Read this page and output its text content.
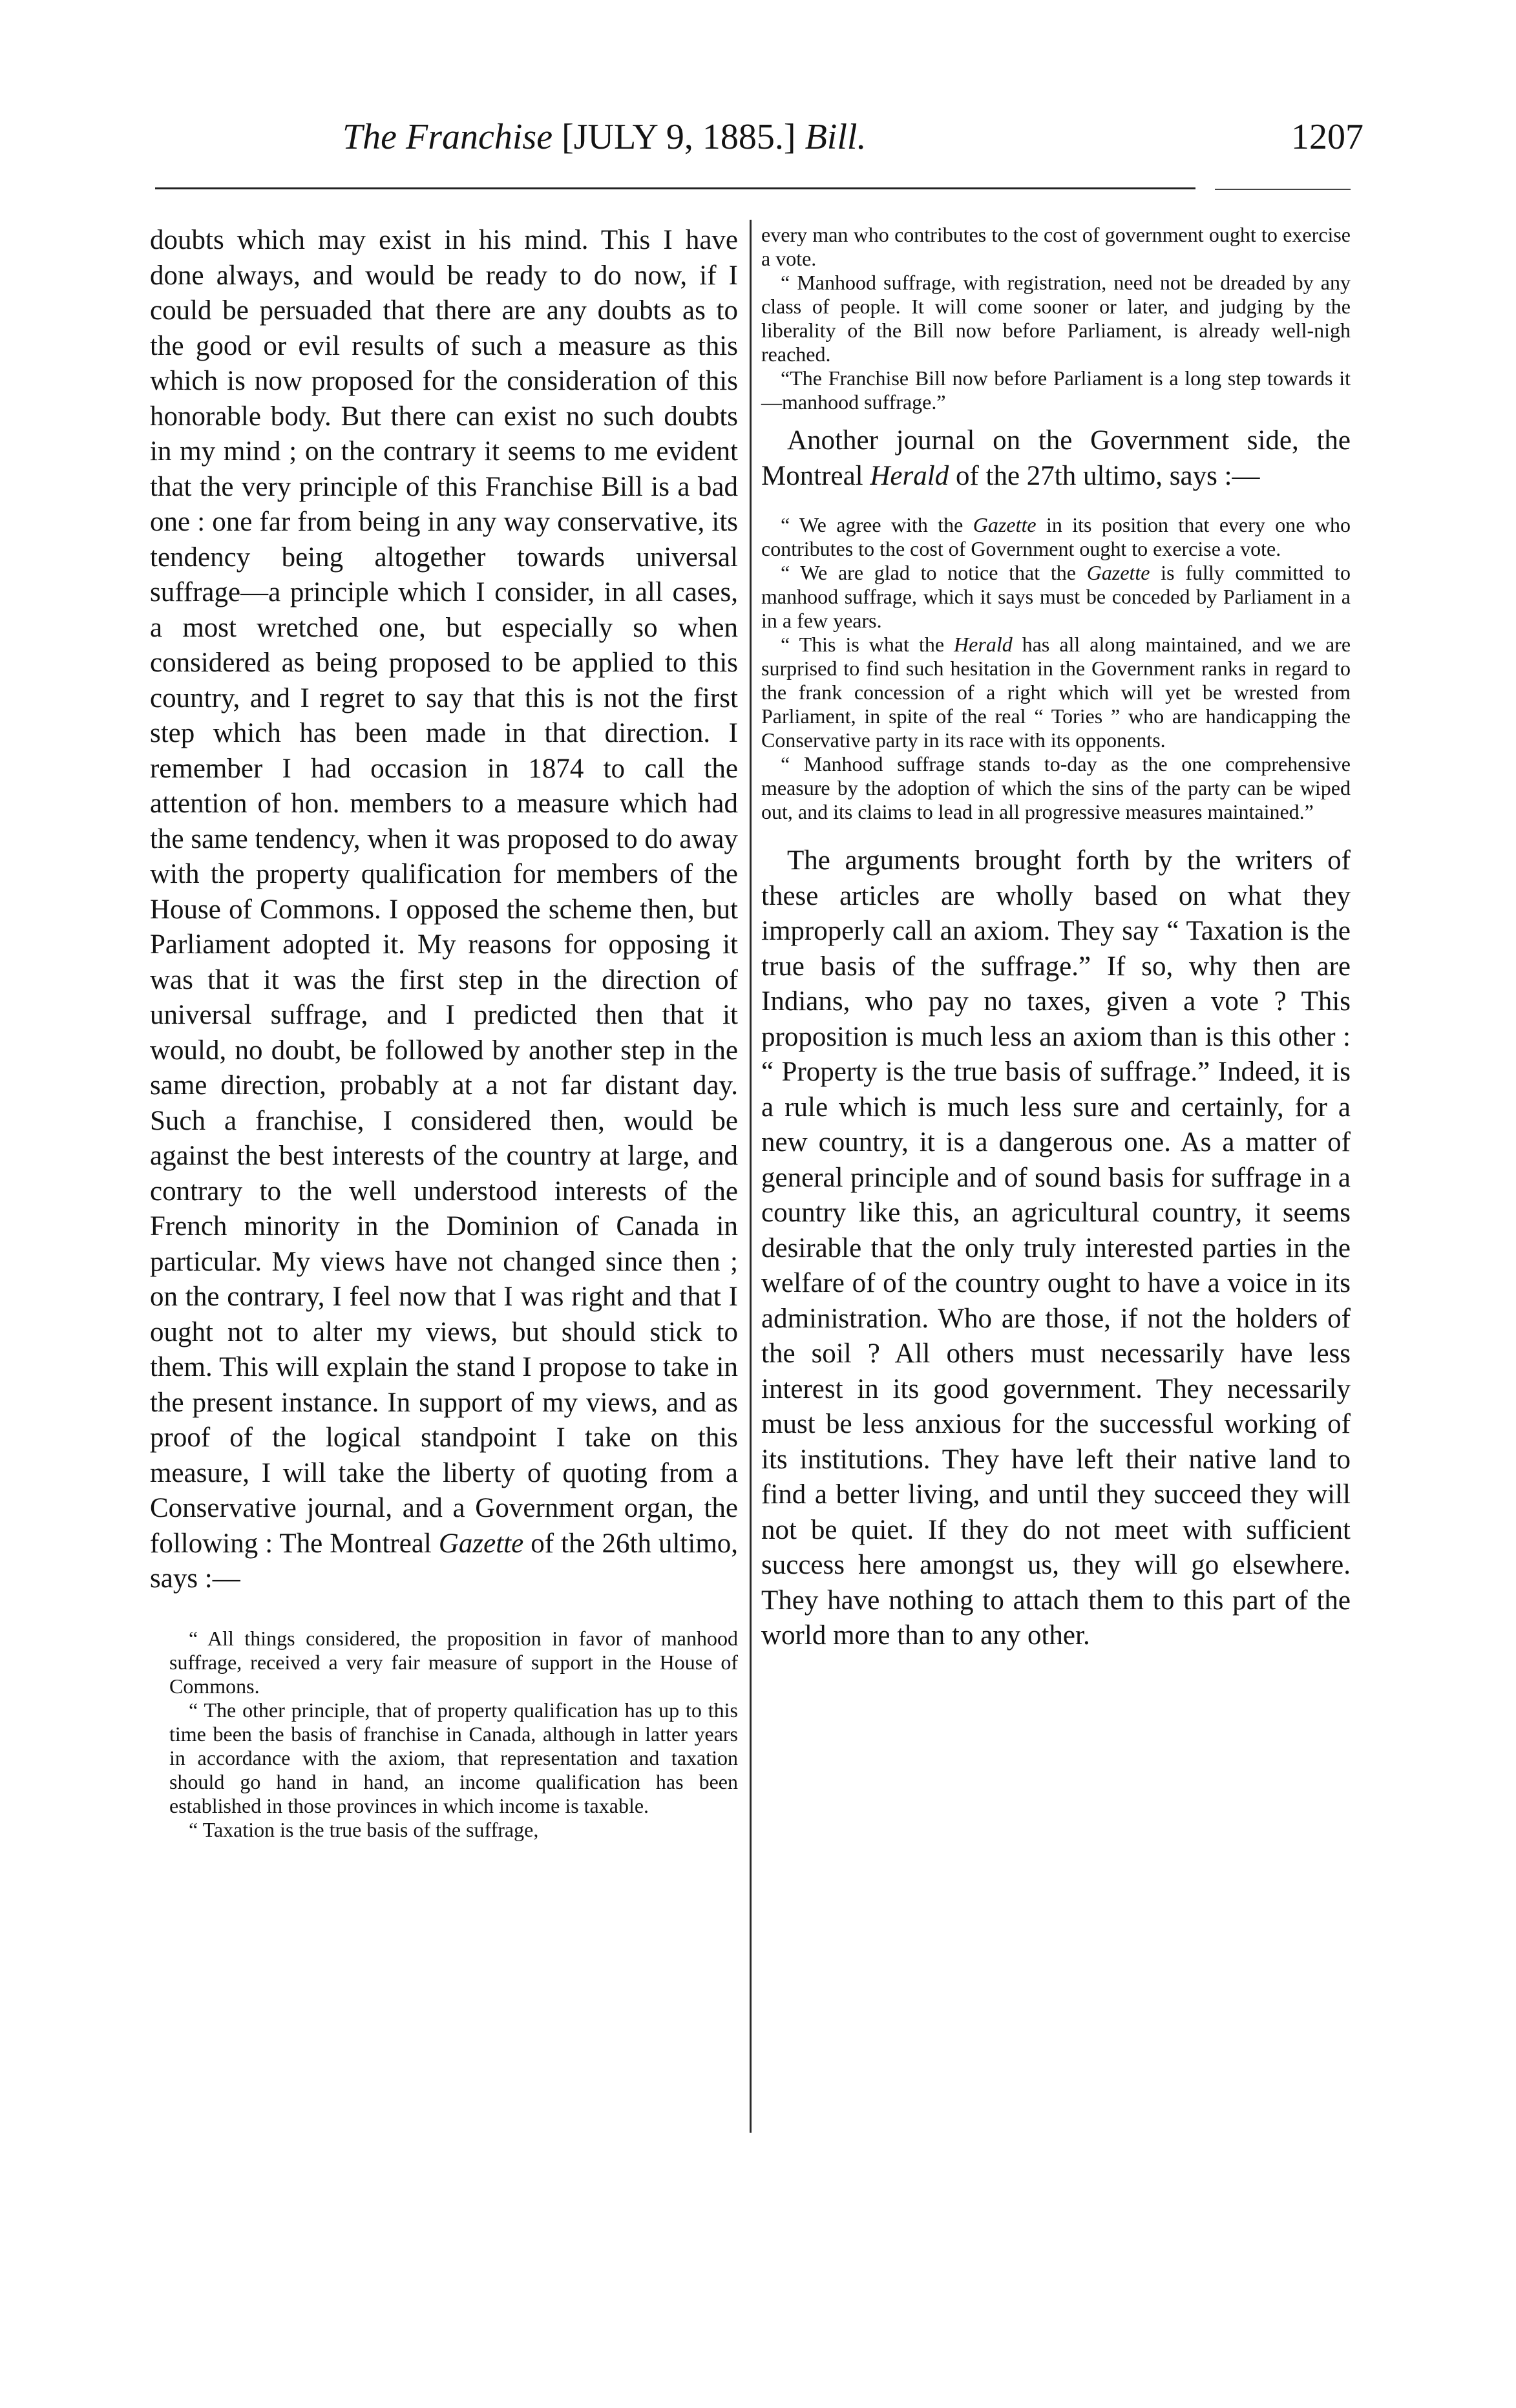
The Franchise [JULY 9, 1885.] Bill.	1207

doubts which may exist in his mind. This I have done always, and would be ready to do now, if I could be persuaded that there are any doubts as to the good or evil results of such a measure as this which is now proposed for the consideration of this honorable body. But there can exist no such doubts in my mind ; on the contrary it seems to me evident that the very principle of this Franchise Bill is a bad one : one far from being in any way conservative, its tendency being altogether towards universal suffrage—a principle which I consider, in all cases, a most wretched one, but especially so when considered as being proposed to be applied to this country, and I regret to say that this is not the first step which has been made in that direction. I remember I had occasion in 1874 to call the attention of hon. members to a measure which had the same tendency, when it was proposed to do away with the property qualification for members of the House of Commons. I opposed the scheme then, but Parliament adopted it. My reasons for opposing it was that it was the first step in the direction of universal suffrage, and I predicted then that it would, no doubt, be followed by another step in the same direction, probably at a not far distant day. Such a franchise, I considered then, would be against the best interests of the country at large, and contrary to the well understood interests of the French minority in the Dominion of Canada in particular. My views have not changed since then ; on the contrary, I feel now that I was right and that I ought not to alter my views, but should stick to them. This will explain the stand I propose to take in the present instance. In support of my views, and as proof of the logical standpoint I take on this measure, I will take the liberty of quoting from a Conservative journal, and a Government organ, the following : The Montreal Gazette of the 26th ultimo, says :—

“ All things considered, the proposition in favor of manhood suffrage, received a very fair measure of support in the House of Commons.

“ The other principle, that of property qualification has up to this time been the basis of franchise in Canada, although in latter years in accordance with the axiom, that representation and taxation should go hand in hand, an income qualification has been established in those provinces in which income is taxable.

“ Taxation is the true basis of the suffrage,

every man who contributes to the cost of government ought to exercise a vote.

“ Manhood suffrage, with registration, need not be dreaded by any class of people. It will come sooner or later, and judging by the liberality of the Bill now before Parliament, is already well-nigh reached.

“The Franchise Bill now before Parliament is a long step towards it—manhood suffrage.”

Another journal on the Government side, the Montreal Herald of the 27th ultimo, says :—

“ We agree with the Gazette in its position that every one who contributes to the cost of Government ought to exercise a vote.

“ We are glad to notice that the Gazette is fully committed to manhood suffrage, which it says must be conceded by Parliament in a in a few years.

“ This is what the Herald has all along maintained, and we are surprised to find such hesitation in the Government ranks in regard to the frank concession of a right which will yet be wrested from Parliament, in spite of the real “ Tories ” who are handicapping the Conservative party in its race with its opponents.

“ Manhood suffrage stands to-day as the one comprehensive measure by the adoption of which the sins of the party can be wiped out, and its claims to lead in all progressive measures maintained.”

The arguments brought forth by the writers of these articles are wholly based on what they improperly call an axiom. They say “ Taxation is the true basis of the suffrage.” If so, why then are Indians, who pay no taxes, given a vote ? This proposition is much less an axiom than is this other : “ Property is the true basis of suffrage.” Indeed, it is a rule which is much less sure and certainly, for a new country, it is a dangerous one. As a matter of general principle and of sound basis for suffrage in a country like this, an agricultural country, it seems desirable that the only truly interested parties in the welfare of of the country ought to have a voice in its administration. Who are those, if not the holders of the soil ? All others must necessarily have less interest in its good government. They necessarily must be less anxious for the successful working of its institutions. They have left their native land to find a better living, and until they succeed they will not be quiet. If they do not meet with sufficient success here amongst us, they will go elsewhere. They have nothing to attach them to this part of the world more than to any other.
